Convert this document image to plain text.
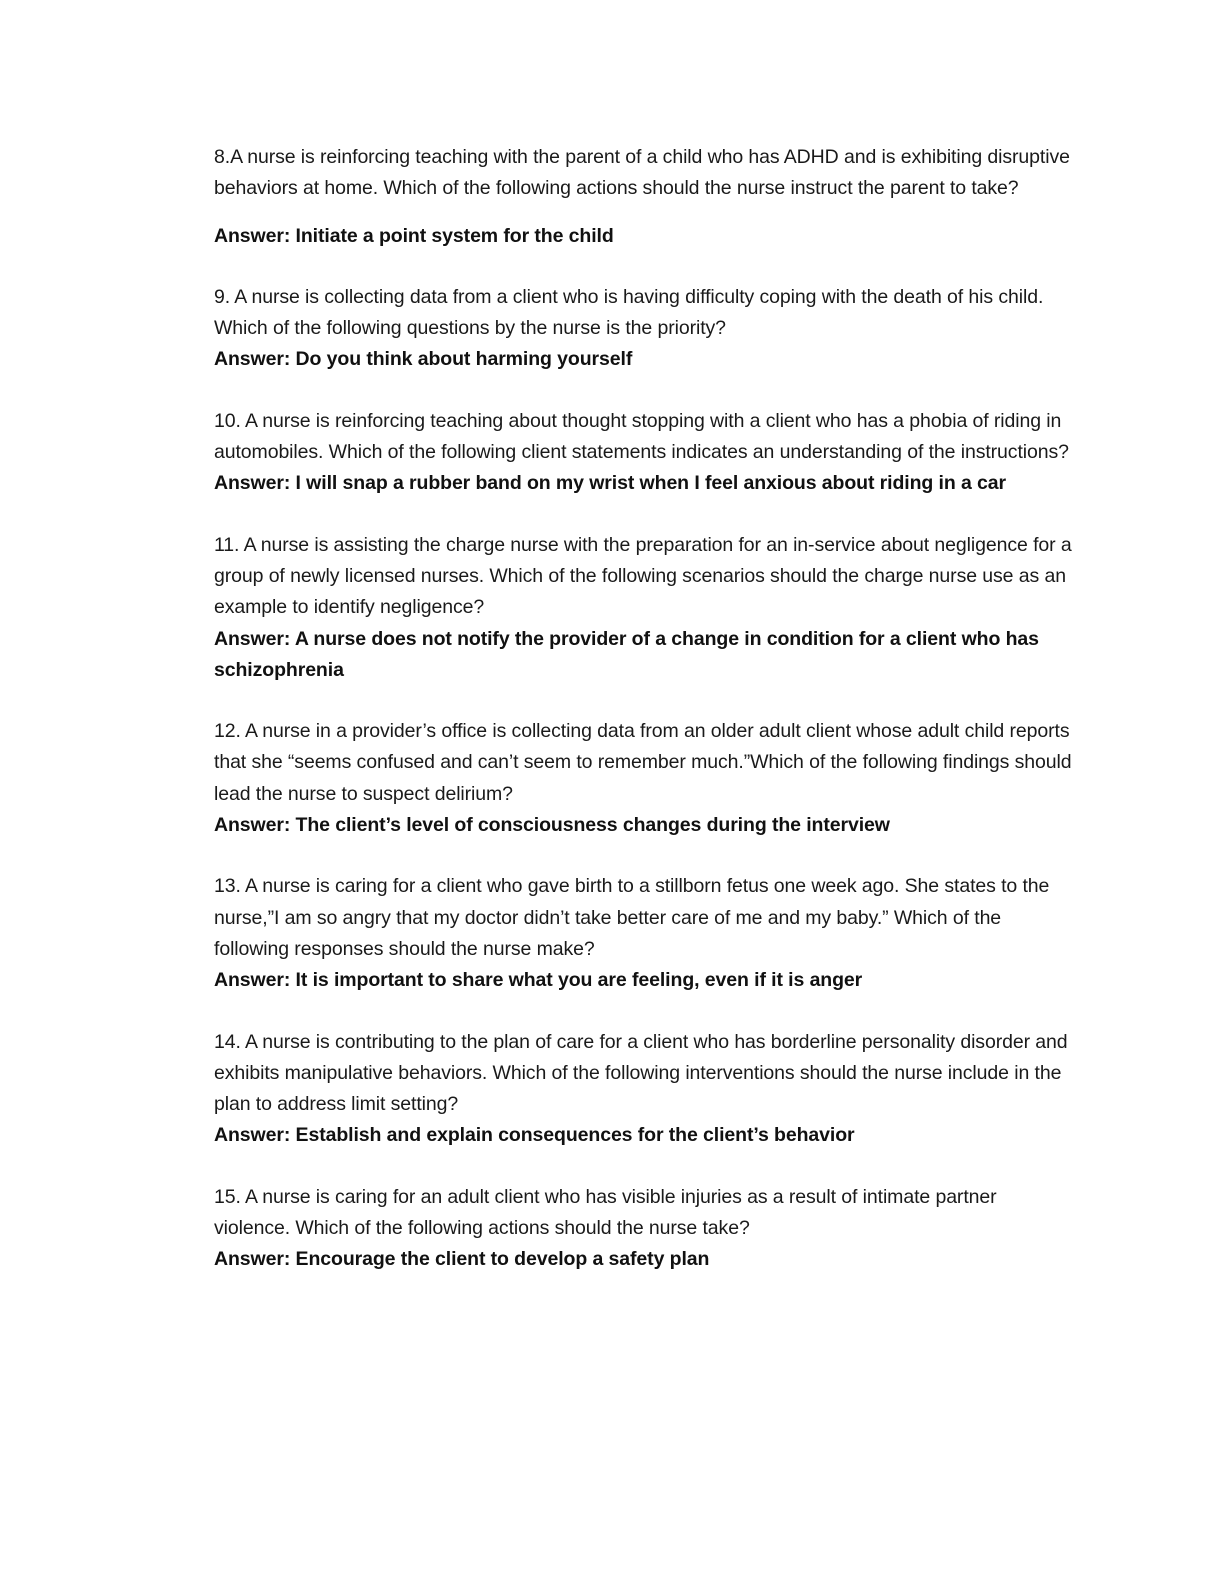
8.A nurse is reinforcing teaching with the parent of a child who has ADHD and is exhibiting disruptive behaviors at home. Which of the following actions should the nurse instruct the parent to take?

Answer: Initiate a point system for the child

9. A nurse is collecting data from a client who is having difficulty coping with the death of his child. Which of the following questions by the nurse is the priority?

Answer: Do you think about harming yourself

10. A nurse is reinforcing teaching about thought stopping with a client who has a phobia of riding in automobiles. Which of the following client statements indicates an understanding of the instructions?

Answer: I will snap a rubber band on my wrist when I feel anxious about riding in a car

11. A nurse is assisting the charge nurse with the preparation for an in-service about negligence for a group of newly licensed nurses. Which of the following scenarios should the charge nurse use as an example to identify negligence?

Answer: A nurse does not notify the provider of a change in condition for a client who has schizophrenia

12. A nurse in a provider’s office is collecting data from an older adult client whose adult child reports that she “seems confused and can’t seem to remember much.”Which of the following findings should lead the nurse to suspect delirium?

Answer: The client’s level of consciousness changes during the interview

13. A nurse is caring for a client who gave birth to a stillborn fetus one week ago. She states to the nurse,”I am so angry that my doctor didn’t take better care of me and my baby.” Which of the following responses should the nurse make?

Answer: It is important to share what you are feeling, even if it is anger

14. A nurse is contributing to the plan of care for a client who has borderline personality disorder and exhibits manipulative behaviors. Which of the following interventions should the nurse include in the plan to address limit setting?

Answer: Establish and explain consequences for the client’s behavior

15. A nurse is caring for an adult client who has visible injuries as a result of intimate partner violence. Which of the following actions should the nurse take?

Answer: Encourage the client to develop a safety plan
